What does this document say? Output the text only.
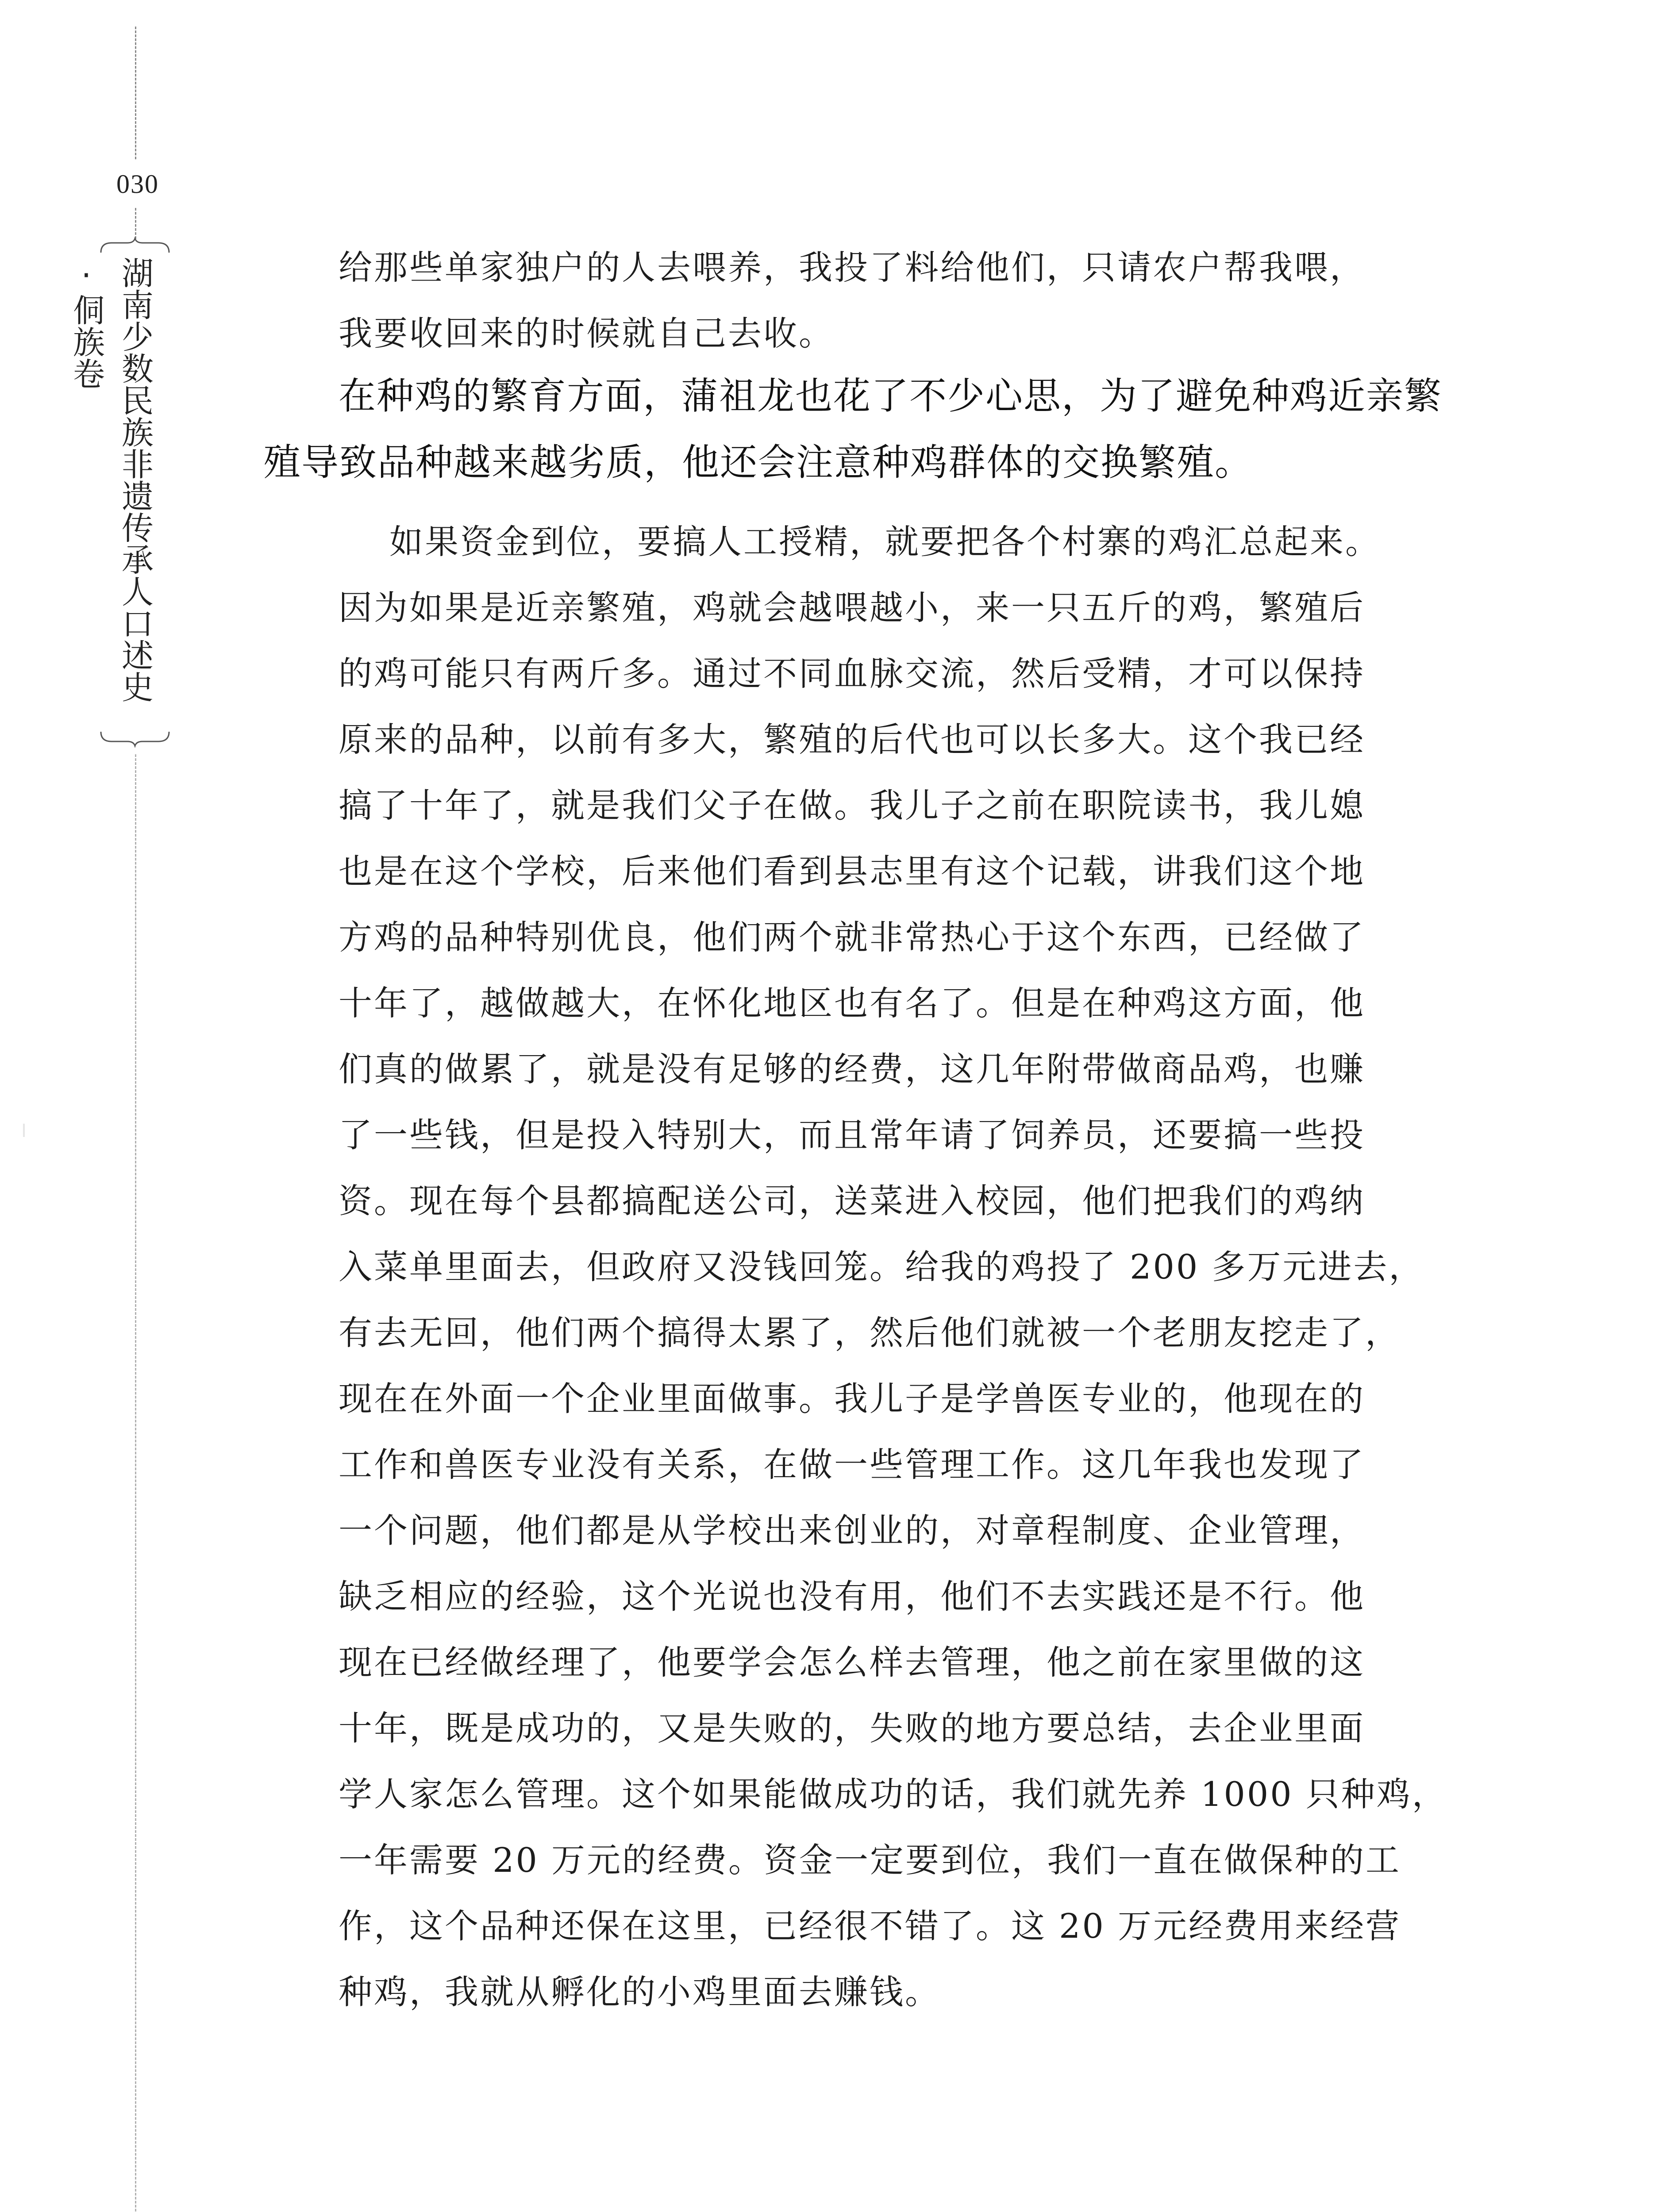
030
湖南少数民族非遗传承人口述史·侗族卷	给那些单家独户的人去喂养，我投了料给他们，只请农户帮我喂，
我要收回来的时候就自己去收。
在种鸡的繁育方面，蒲祖龙也花了不少心思，为了避免种鸡近亲繁
殖导致品种越来越劣质，他还会注意种鸡群体的交换繁殖。
如果资金到位，要搞人工授精，就要把各个村寨的鸡汇总起来。
因为如果是近亲繁殖，鸡就会越喂越小，来一只五斤的鸡，繁殖后
的鸡可能只有两斤多。通过不同血脉交流，然后受精，才可以保持
原来的品种，以前有多大，繁殖的后代也可以长多大。这个我已经
搞了十年了，就是我们父子在做。我儿子之前在职院读书，我儿媳
也是在这个学校，后来他们看到县志里有这个记载，讲我们这个地
方鸡的品种特别优良，他们两个就非常热心于这个东西，已经做了
十年了，越做越大，在怀化地区也有名了。但是在种鸡这方面，他
们真的做累了，就是没有足够的经费，这几年附带做商品鸡，也赚
了一些钱，但是投入特别大，而且常年请了饲养员，还要搞一些投
资。现在每个县都搞配送公司，送菜进入校园，他们把我们的鸡纳
入菜单里面去，但政府又没钱回笼。给我的鸡投了 200 多万元进去，
有去无回，他们两个搞得太累了，然后他们就被一个老朋友挖走了，
现在在外面一个企业里面做事。我儿子是学兽医专业的，他现在的
工作和兽医专业没有关系，在做一些管理工作。这几年我也发现了
一个问题，他们都是从学校出来创业的，对章程制度、企业管理，
缺乏相应的经验，这个光说也没有用，他们不去实践还是不行。他
现在已经做经理了，他要学会怎么样去管理，他之前在家里做的这
十年，既是成功的，又是失败的，失败的地方要总结，去企业里面
学人家怎么管理。这个如果能做成功的话，我们就先养 1000 只种鸡，
一年需要 20 万元的经费。资金一定要到位，我们一直在做保种的工
作，这个品种还保在这里，已经很不错了。这 20 万元经费用来经营
种鸡，我就从孵化的小鸡里面去赚钱。
